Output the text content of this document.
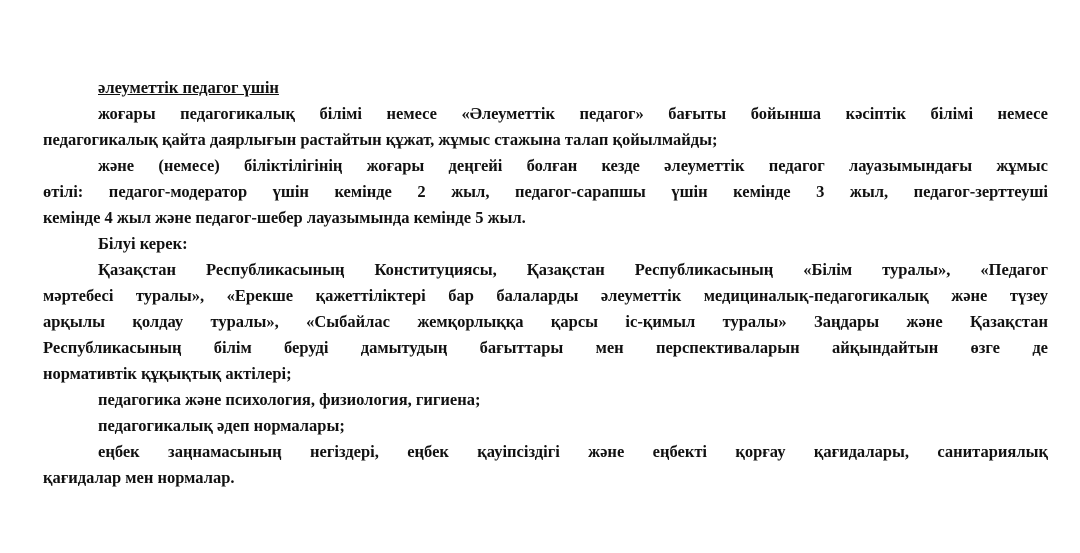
әлеуметтік педагог үшін
жоғары педагогикалық білімі немесе «Әлеуметтік педагог» бағыты бойынша кәсіптік білімі немесе
педагогикалық қайта даярлығын растайтын құжат, жұмыс стажына талап қойылмайды;
және (немесе) біліктілігінің жоғары деңгейі болған кезде әлеуметтік педагог лауазымындағы жұмыс
өтілі: педагог-модератор үшін кемінде 2 жыл, педагог-сарапшы үшін кемінде 3 жыл, педагог-зерттеуші
кемінде 4 жыл және педагог-шебер лауазымында кемінде 5 жыл.
Білуі керек:
Қазақстан Республикасының Конституциясы, Қазақстан Республикасының «Білім туралы», «Педагог
мәртебесі туралы», «Ерекше қажеттіліктері бар балаларды әлеуметтік медициналық-педагогикалық және түзеу
арқылы қолдау туралы», «Сыбайлас жемқорлыққа қарсы іс-қимыл туралы» Заңдары және Қазақстан
Республикасының білім беруді дамытудың бағыттары мен перспективаларын айқындайтын өзге де
нормативтік құқықтық актілері;
педагогика және психология, физиология, гигиена;
педагогикалық әдеп нормалары;
еңбек заңнамасының негіздері, еңбек қауіпсіздігі және еңбекті қорғау қағидалары, санитариялық
қағидалар мен нормалар.
